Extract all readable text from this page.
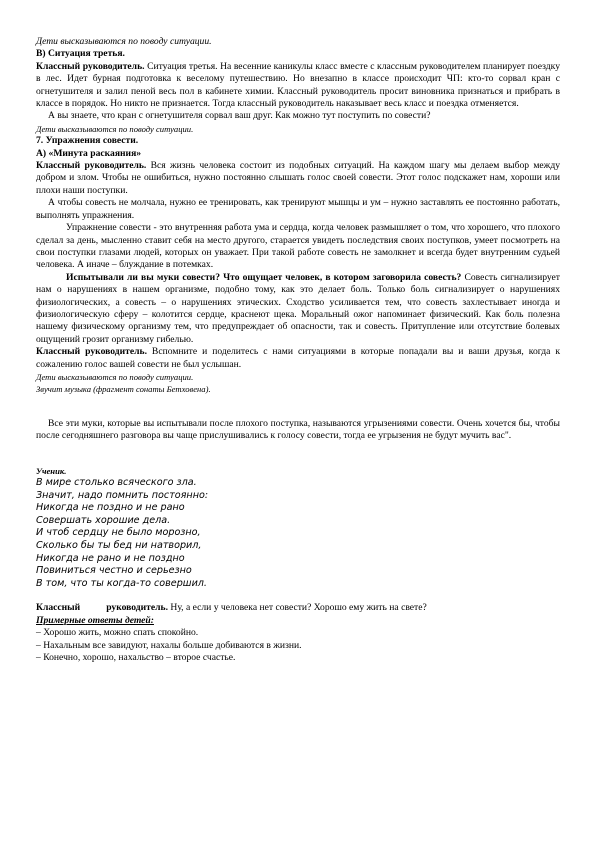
Дети высказываются по поводу ситуации.

В) Ситуация третья.

Классный руководитель. Ситуация третья. На весенние каникулы класс вместе с классным руководителем планирует поездку в лес. Идет бурная подготовка к веселому путешествию. Но внезапно в классе происходит ЧП: кто-то сорвал кран с огнетушителя и залил пеной весь пол в кабинете химии. Классный руководитель просит виновника признаться и прибрать в классе в порядок. Но никто не признается. Тогда классный руководитель наказывает весь класс и поездка отменяется.

А вы знаете, что кран с огнетушителя сорвал ваш друг. Как можно тут поступить по совести?

Дети высказываются по поводу ситуации.

7. Упражнения совести.

А) «Минута раскаяния»

Классный руководитель. Вся жизнь человека состоит из подобных ситуаций. На каждом шагу мы делаем выбор между добром и злом. Чтобы не ошибиться, нужно постоянно слышать голос своей совести. Этот голос подскажет нам, хороши или плохи наши поступки.

А чтобы совесть не молчала, нужно ее тренировать, как тренируют мышцы и ум – нужно заставлять ее постоянно работать, выполнять упражнения.

Упражнение совести - это внутренняя работа ума и сердца, когда человек размышляет о том, что хорошего, что плохого сделал за день, мысленно ставит себя на место другого, старается увидеть последствия своих поступков, умеет посмотреть на свои поступки глазами людей, которых он уважает. При такой работе совесть не замолкнет и всегда будет внутренним судьей человека. А иначе – блуждание в потемках.

Испытывали ли вы муки совести? Что ощущает человек, в котором заговорила совесть? Совесть сигнализирует нам о нарушениях в нашем организме, подобно тому, как это делает боль. Только боль сигнализирует о нарушениях физиологических, а совесть – о нарушениях этических. Сходство усиливается тем, что совесть захлестывает иногда и физиологическую сферу – колотится сердце, краснеют щека. Моральный ожог напоминает физический. Как боль полезна нашему физическому организму тем, что предупреждает об опасности, так и совесть. Притупление или отсутствие болевых ощущений грозит организму гибелью.

Классный руководитель. Вспомните и поделитесь с нами ситуациями в которые попадали вы и ваши друзья, когда к сожалению голос вашей совести не был услышан.

Дети высказываются по поводу ситуации.

Звучит музыка (фрагмент сонаты Бетховена).

Все эти муки, которые вы испытывали после плохого поступка, называются угрызениями совести. Очень хочется бы, чтобы после сегодняшнего разговора вы чаще прислушивались к голосу совести, тогда ее угрызения не будут мучить вас".

Ученик.

В мире столько всяческого зла.
Значит, надо помнить постоянно:
Никогда не поздно и не рано
Совершать хорошие дела.
И чтоб сердцу не было морозно,
Сколько бы ты бед ни натворил,
Никогда не рано и не поздно
Повиниться честно и серьезно
В том, что ты когда-то совершил.

Классный	руководитель. Ну, а если у человека нет совести? Хорошо ему жить на свете?

Примерные ответы детей:

– Хорошо жить, можно спать спокойно.

– Нахальным все завидуют, нахалы больше добиваются в жизни.

– Конечно, хорошо, нахальство – второе счастье.
